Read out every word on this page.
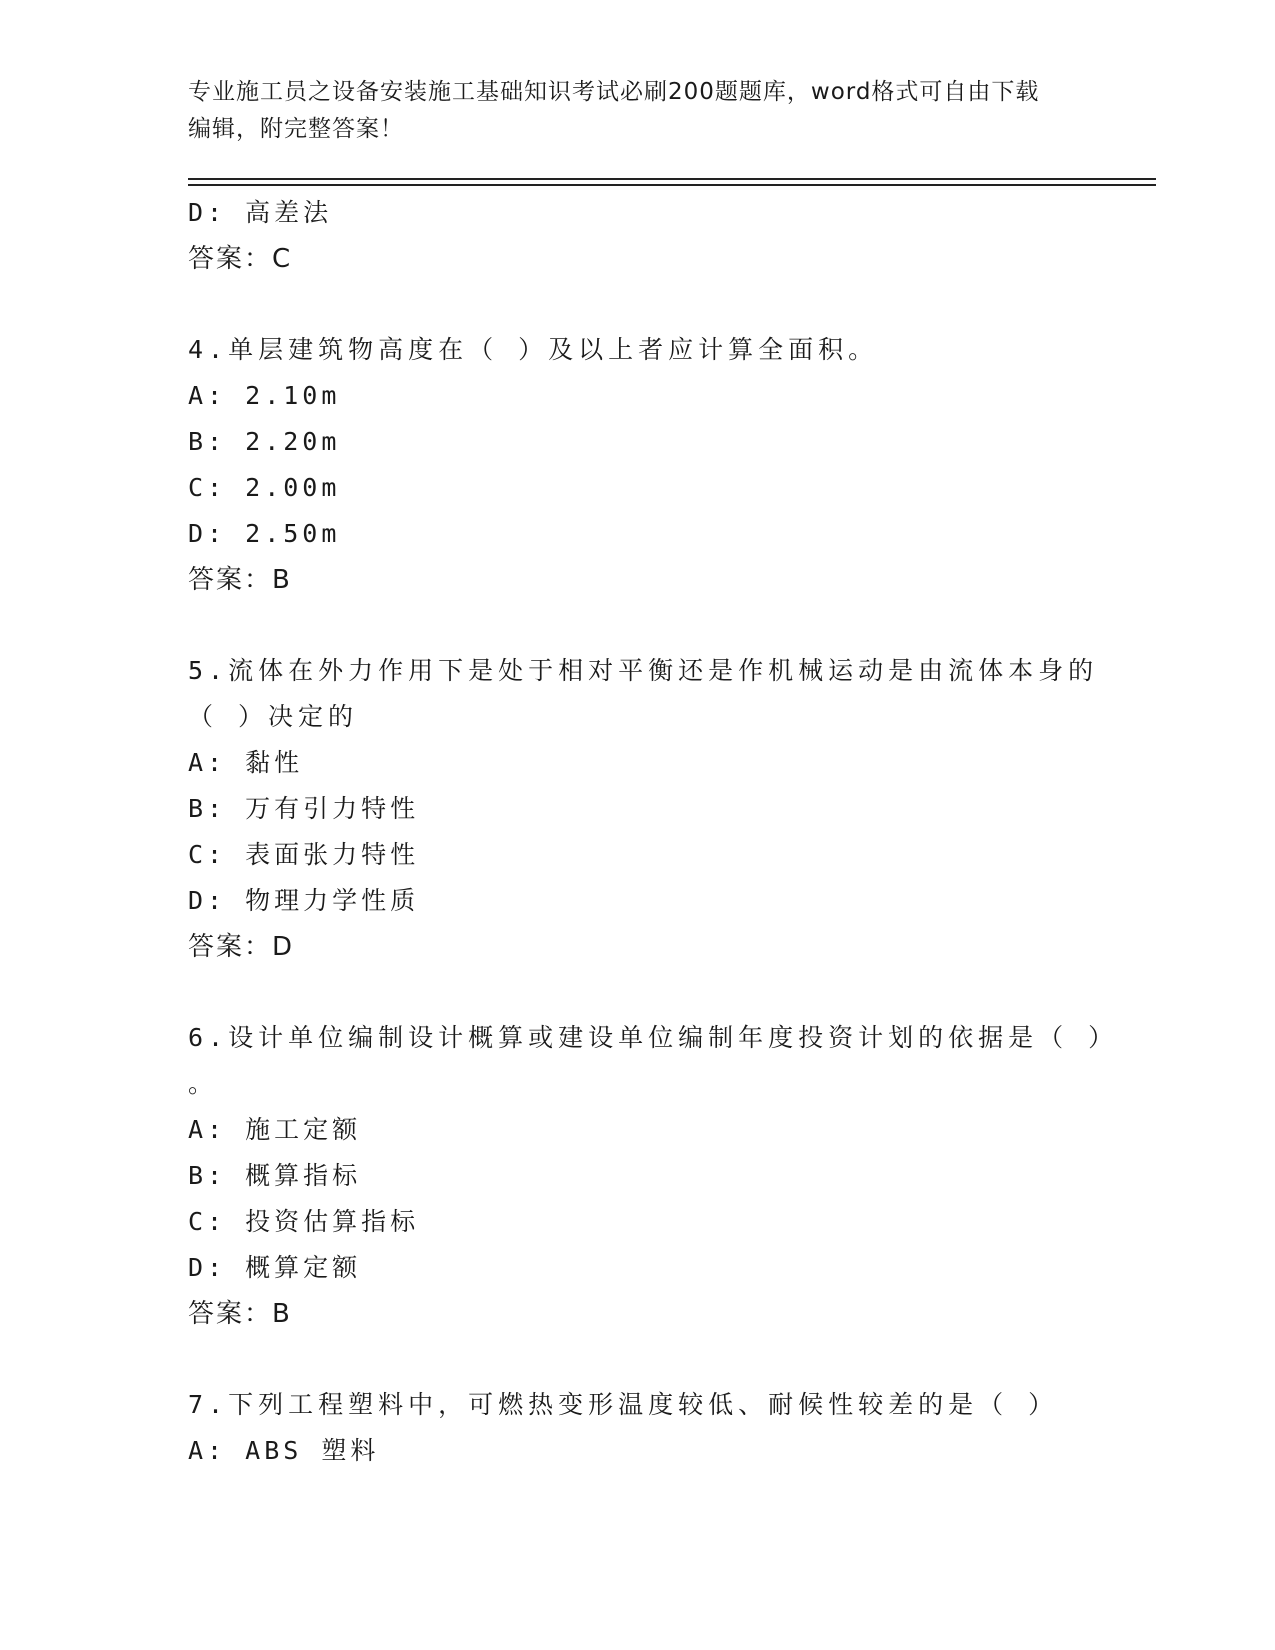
专业施工员之设备安装施工基础知识考试必刷200题题库，word格式可自由下载
编辑，附完整答案！
D: 高差法
答案：C
4.单层建筑物高度在（ ）及以上者应计算全面积。
A: 2.10m
B: 2.20m
C: 2.00m
D: 2.50m
答案：B
5.流体在外力作用下是处于相对平衡还是作机械运动是由流体本身的
（ ）决定的
A: 黏性
B: 万有引力特性
C: 表面张力特性
D: 物理力学性质
答案：D
6.设计单位编制设计概算或建设单位编制年度投资计划的依据是（ ）
。
A: 施工定额
B: 概算指标
C: 投资估算指标
D: 概算定额
答案：B
7.下列工程塑料中，可燃热变形温度较低、耐候性较差的是（ ）
A: ABS 塑料
